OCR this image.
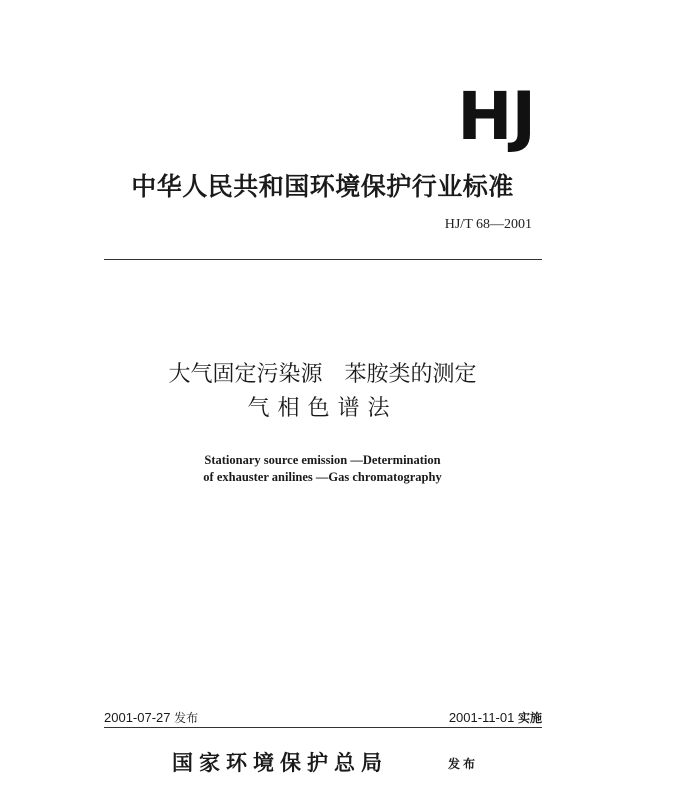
HJ
中华人民共和国环境保护行业标准
HJ/T 68—2001
大气固定污染源　苯胺类的测定
气相色谱法
Stationary source emission —Determination
of exhauster anilines —Gas chromatography
2001-07-27 发布	2001-11-01 实施
国家环境保护总局	发布
